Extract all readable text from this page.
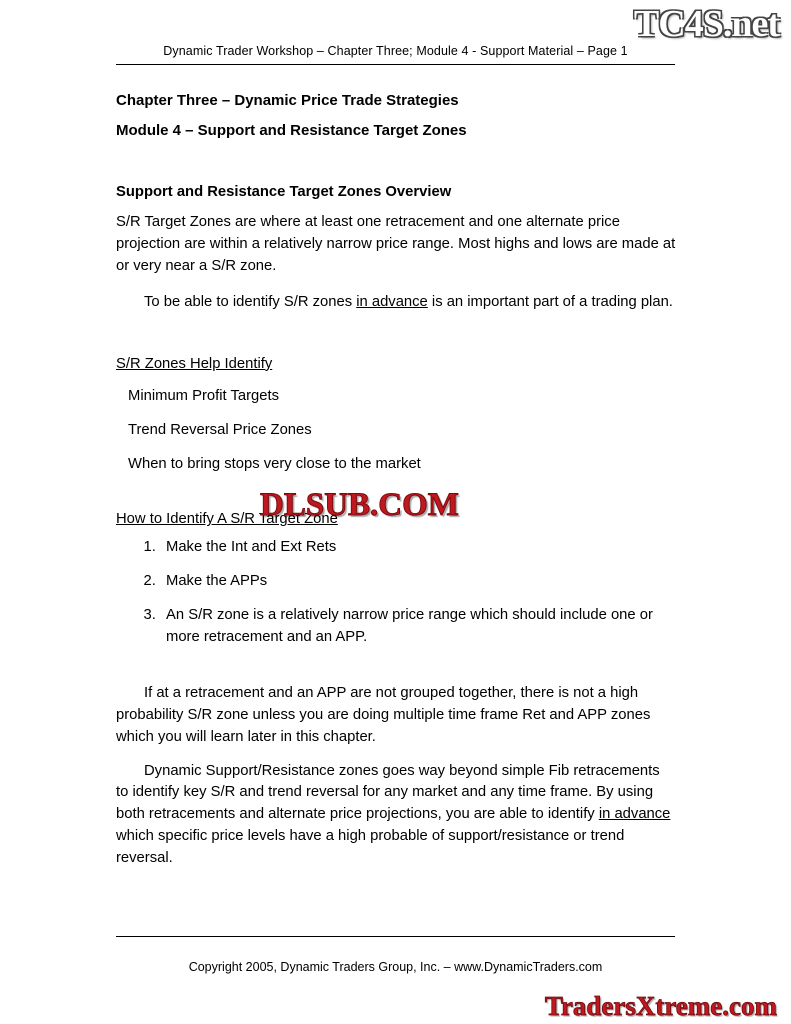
TC4S.net
Dynamic Trader Workshop – Chapter Three; Module 4 - Support Material – Page 1
Chapter Three – Dynamic Price Trade Strategies
Module 4 – Support and Resistance Target Zones
Support and Resistance Target Zones Overview

S/R Target Zones are where at least one retracement and one alternate price projection are within a relatively narrow price range. Most highs and lows are made at or very near a S/R zone.

To be able to identify S/R zones in advance is an important part of a trading plan.

S/R Zones Help Identify
Minimum Profit Targets
Trend Reversal Price Zones
When to bring stops very close to the market
How to Identify A S/R Target Zone
1. Make the Int and Ext Rets
2. Make the APPs
3. An S/R zone is a relatively narrow price range which should include one or more retracement and an APP.

If at a retracement and an APP are not grouped together, there is not a high probability S/R zone unless you are doing multiple time frame Ret and APP zones which you will learn later in this chapter.

Dynamic Support/Resistance zones goes way beyond simple Fib retracements to identify key S/R and trend reversal for any market and any time frame. By using both retracements and alternate price projections, you are able to identify in advance which specific price levels have a high probable of support/resistance or trend reversal.

DLSUB.COM
Copyright 2005, Dynamic Traders Group, Inc. – www.DynamicTraders.com
TradersXtreme.com
